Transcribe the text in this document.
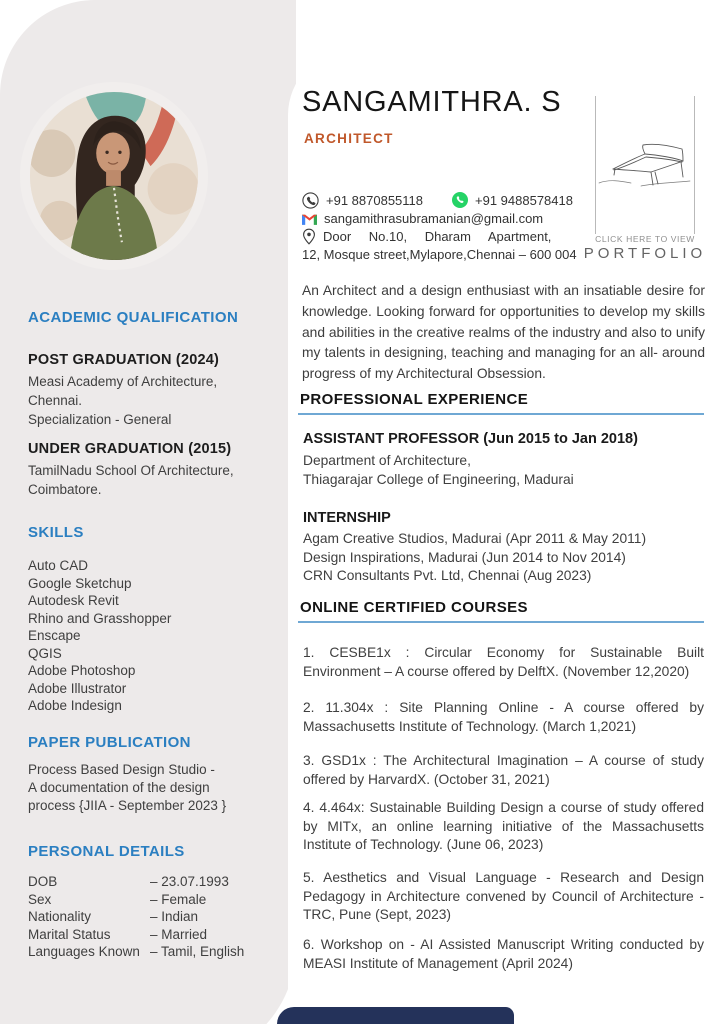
ACADEMIC QUALIFICATION
POST GRADUATION (2024)
Measi Academy of Architecture,
Chennai.
Specialization - General
UNDER GRADUATION (2015)
TamilNadu School Of Architecture,
Coimbatore.
SKILLS
Auto CAD
Google Sketchup
Autodesk Revit
Rhino and Grasshopper
Enscape
QGIS
Adobe Photoshop
Adobe Illustrator
Adobe Indesign
PAPER PUBLICATION
Process Based Design Studio -
A documentation of the design
process {JIIA - September 2023 }
PERSONAL DETAILS
DOB	– 23.07.1993
Sex	– Female
Nationality	– Indian
Marital Status	– Married
Languages Known – Tamil, English
SANGAMITHRA. S
ARCHITECT
+91 8870855118	+91 9488578418
sangamithrasubramanian@gmail.com
Door No.10, Dharam Apartment,
12, Mosque street,Mylapore,Chennai – 600 004
CLICK HERE TO VIEW
PORTFOLIO
An Architect and a design enthusiast with an insatiable desire for knowledge. Looking forward for opportunities to develop my skills and abilities in the creative realms of the industry and also to unify my talents in designing, teaching and managing for an all- around progress of my Architectural Obsession.
PROFESSIONAL EXPERIENCE
ASSISTANT PROFESSOR (Jun 2015 to Jan 2018)
Department of Architecture,
Thiagarajar College of Engineering, Madurai
INTERNSHIP
Agam Creative Studios, Madurai (Apr 2011 & May 2011)
Design Inspirations, Madurai (Jun 2014 to Nov 2014)
CRN Consultants Pvt. Ltd, Chennai (Aug 2023)
ONLINE CERTIFIED COURSES
1. CESBE1x : Circular Economy for Sustainable Built Environment – A course offered by DelftX. (November 12,2020)
2. 11.304x : Site Planning Online - A course offered by Massachusetts Institute of Technology. (March 1,2021)
3. GSD1x : The Architectural Imagination – A course of study offered by HarvardX. (October 31, 2021)
4. 4.464x: Sustainable Building Design a course of study offered by MITx, an online learning initiative of the Massachusetts Institute of Technology. (June 06, 2023)
5. Aesthetics and Visual Language - Research and Design Pedagogy in Architecture convened by Council of Architecture -TRC, Pune (Sept, 2023)
6. Workshop on - AI Assisted Manuscript Writing conducted by MEASI Institute of Management (April 2024)
